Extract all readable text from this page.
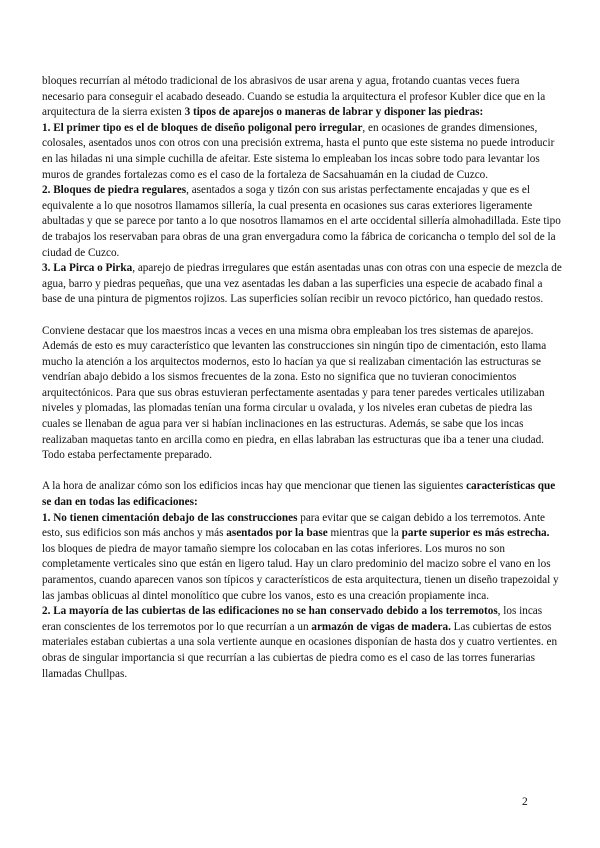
bloques recurrían al método tradicional de los abrasivos de usar arena y agua, frotando cuantas veces fuera necesario para conseguir el acabado deseado. Cuando se estudia la arquitectura el profesor Kubler dice que en la arquitectura de la sierra existen 3 tipos de aparejos o maneras de labrar y disponer las piedras:

1. El primer tipo es el de bloques de diseño poligonal pero irregular, en ocasiones de grandes dimensiones, colosales, asentados unos con otros con una precisión extrema, hasta el punto que este sistema no puede introducir en las hiladas ni una simple cuchilla de afeitar. Este sistema lo empleaban los incas sobre todo para levantar los muros de grandes fortalezas como es el caso de la fortaleza de Sacsahuamán en la ciudad de Cuzco.

2. Bloques de piedra regulares, asentados a soga y tizón con sus aristas perfectamente encajadas y que es el equivalente a lo que nosotros llamamos sillería, la cual presenta en ocasiones sus caras exteriores ligeramente abultadas y que se parece por tanto a lo que nosotros llamamos en el arte occidental sillería almohadillada. Este tipo de trabajos los reservaban para obras de una gran envergadura como la fábrica de coricancha o templo del sol de la ciudad de Cuzco.

3. La Pirca o Pirka, aparejo de piedras irregulares que están asentadas unas con otras con una especie de mezcla de agua, barro y piedras pequeñas, que una vez asentadas les daban a las superficies una especie de acabado final a base de una pintura de pigmentos rojizos. Las superficies solían recibir un revoco pictórico, han quedado restos.

Conviene destacar que los maestros incas a veces en una misma obra empleaban los tres sistemas de aparejos. Además de esto es muy característico que levanten las construcciones sin ningún tipo de cimentación, esto llama mucho la atención a los arquitectos modernos, esto lo hacían ya que si realizaban cimentación las estructuras se vendrían abajo debido a los sismos frecuentes de la zona. Esto no significa que no tuvieran conocimientos arquitectónicos. Para que sus obras estuvieran perfectamente asentadas y para tener paredes verticales utilizaban niveles y plomadas, las plomadas tenían una forma circular u ovalada, y los niveles eran cubetas de piedra las cuales se llenaban de agua para ver si habían inclinaciones en las estructuras. Además, se sabe que los incas realizaban maquetas tanto en arcilla como en piedra, en ellas labraban las estructuras que iba a tener una ciudad. Todo estaba perfectamente preparado.

A la hora de analizar cómo son los edificios incas hay que mencionar que tienen las siguientes características que se dan en todas las edificaciones:

1. No tienen cimentación debajo de las construcciones para evitar que se caigan debido a los terremotos. Ante esto, sus edificios son más anchos y más asentados por la base mientras que la parte superior es más estrecha. los bloques de piedra de mayor tamaño siempre los colocaban en las cotas inferiores. Los muros no son completamente verticales sino que están en ligero talud. Hay un claro predominio del macizo sobre el vano en los paramentos, cuando aparecen vanos son típicos y característicos de esta arquitectura, tienen un diseño trapezoidal y las jambas oblicuas al dintel monolítico que cubre los vanos, esto es una creación propiamente inca.

2. La mayoría de las cubiertas de las edificaciones no se han conservado debido a los terremotos, los incas eran conscientes de los terremotos por lo que recurrían a un armazón de vigas de madera. Las cubiertas de estos materiales estaban cubiertas a una sola vertiente aunque en ocasiones disponían de hasta dos y cuatro vertientes. en obras de singular importancia si que recurrían a las cubiertas de piedra como es el caso de las torres funerarias llamadas Chullpas.

2
